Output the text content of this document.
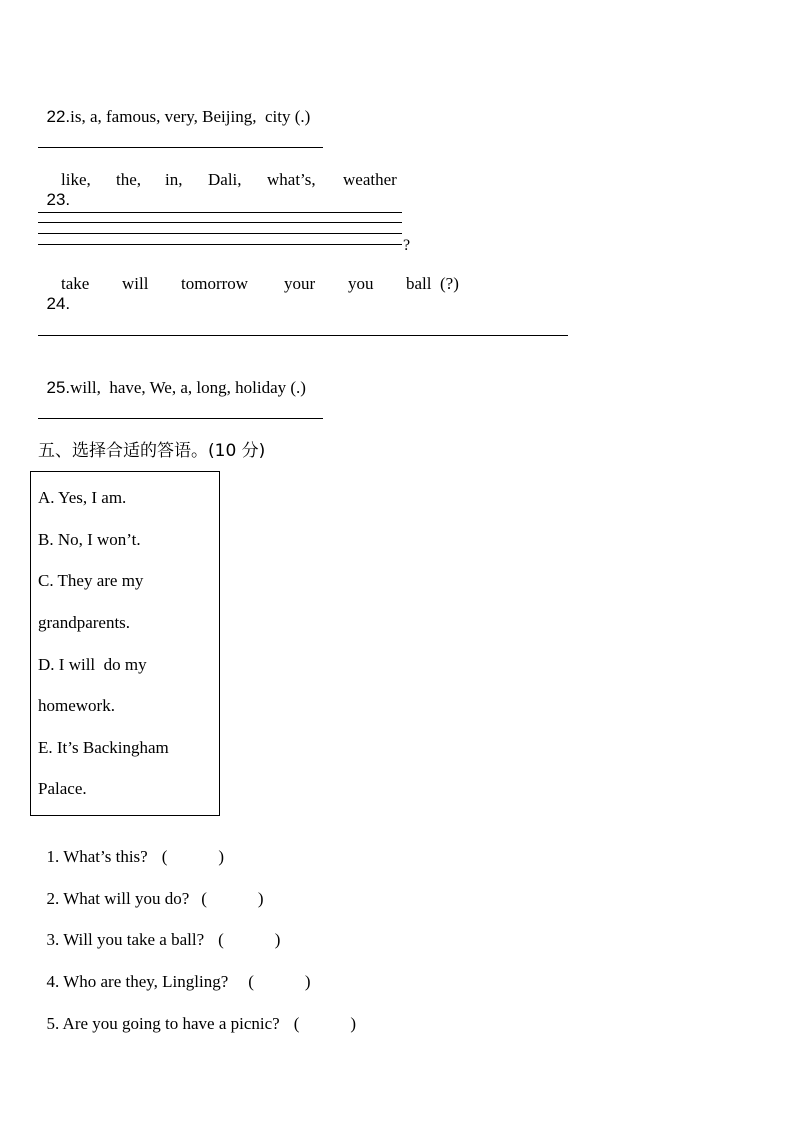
22.is, a, famous, very, Beijing,  city (.)

23.

like, the, in, Dali, what’s, weather
?

24.

take will tomorrow your you ball (?)

25.will,  have, We, a, long, holiday (.)

五、选择合适的答语。(10 分)
A. Yes, I am.
B. No, I won’t.
C. They are my
grandparents.
D. I will  do my
homework.
E. It’s Backingham
Palace.

1. What’s this? (            )

2. What will you do? (            )

3. Will you take a ball? (            )

4. Who are they, Lingling? (            )

5. Are you going to have a picnic? (            )
